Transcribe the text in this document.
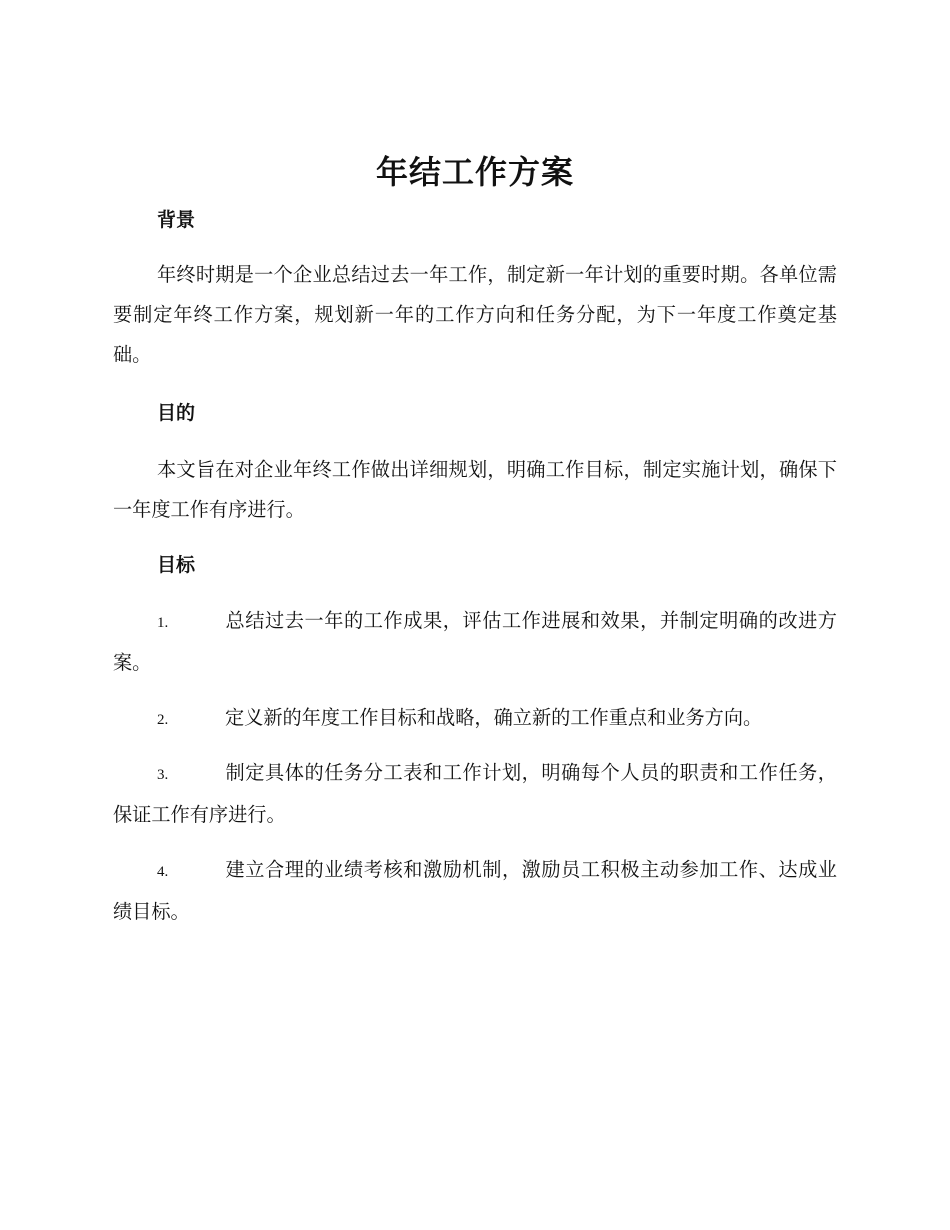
年结工作方案
背景

年终时期是一个企业总结过去一年工作，制定新一年计划的重要时期。各单位需要制定年终工作方案，规划新一年的工作方向和任务分配，为下一年度工作奠定基础。

目的

本文旨在对企业年终工作做出详细规划，明确工作目标，制定实施计划，确保下一年度工作有序进行。

目标

1.	总结过去一年的工作成果，评估工作进展和效果，并制定明确的改进方案。

2.	定义新的年度工作目标和战略，确立新的工作重点和业务方向。

3.	制定具体的任务分工表和工作计划，明确每个人员的职责和工作任务，保证工作有序进行。

4.	建立合理的业绩考核和激励机制，激励员工积极主动参加工作、达成业绩目标。
